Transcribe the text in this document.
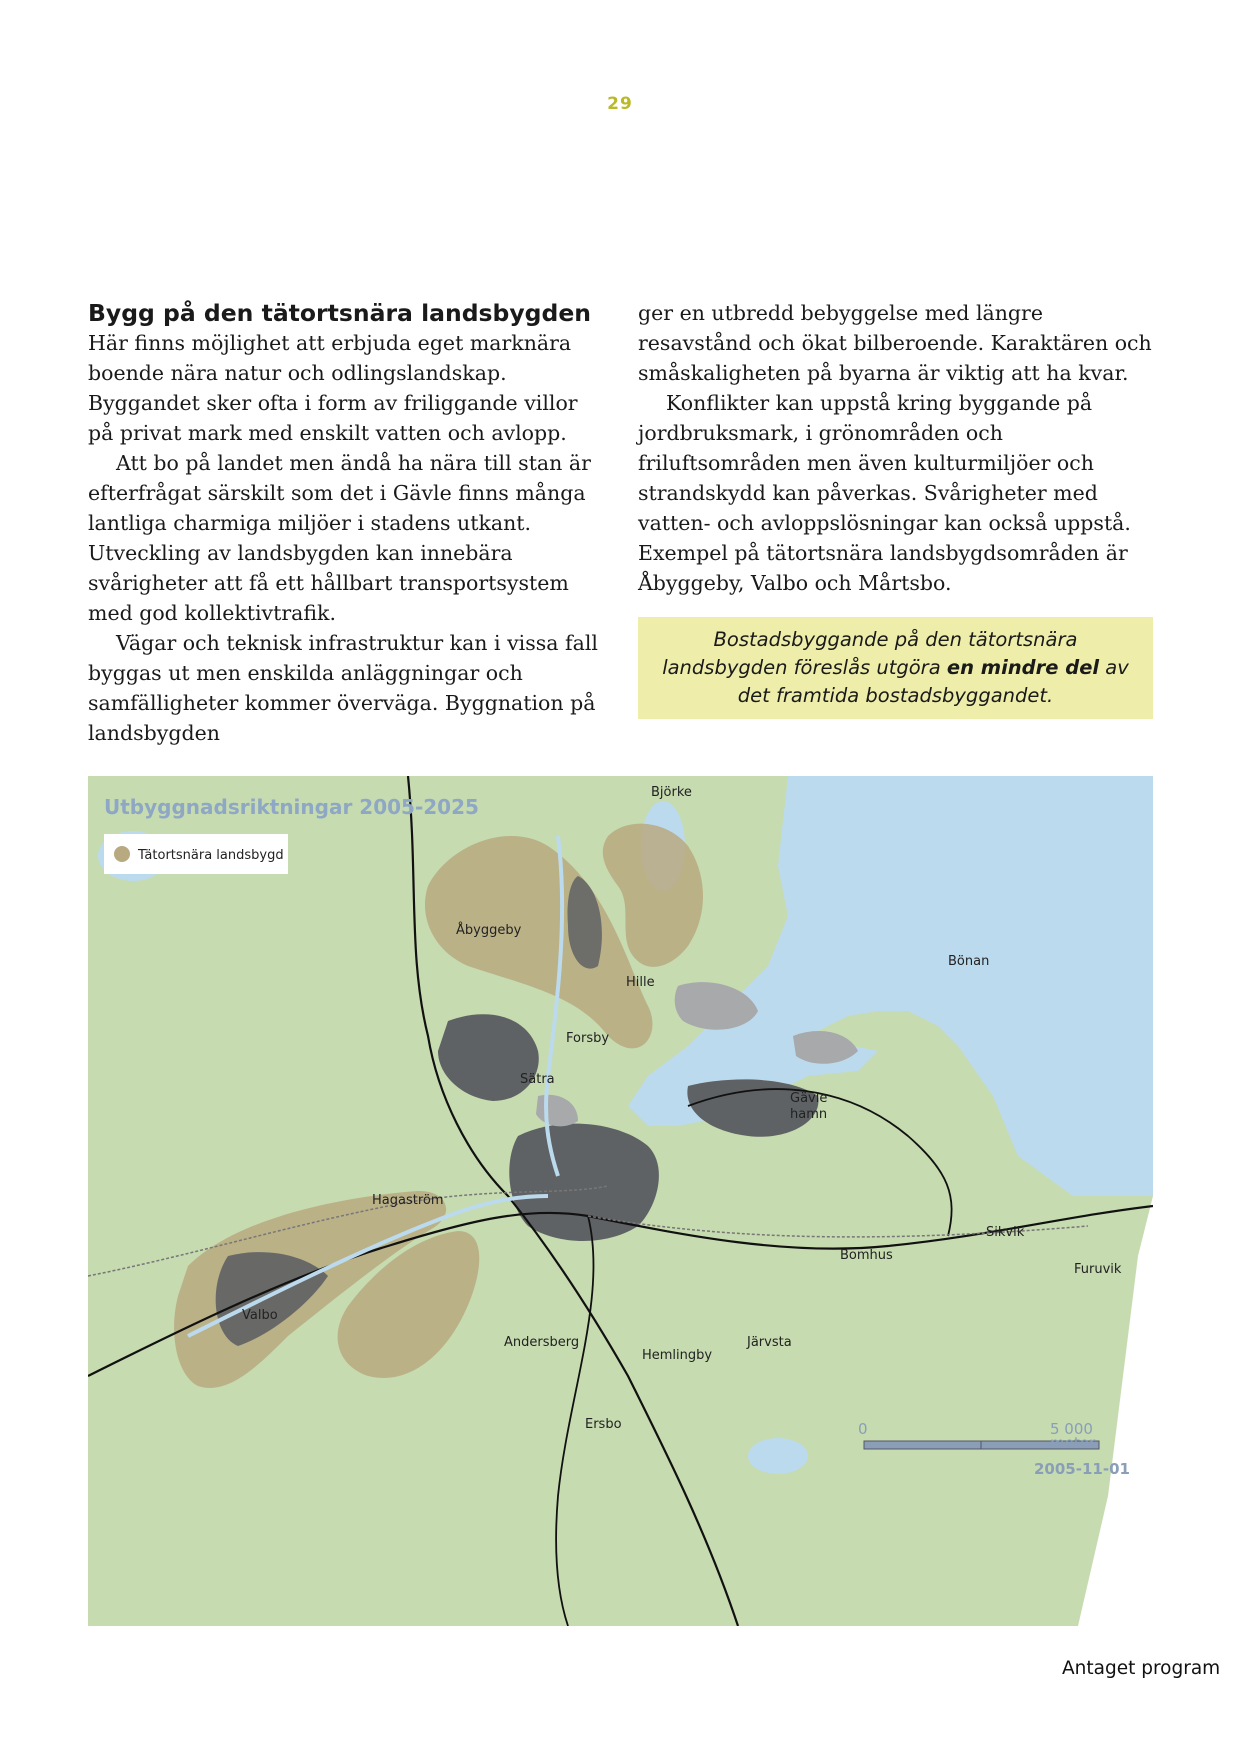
29

Bygg på den tätortsnära landsbygden

Här finns möjlighet att erbjuda eget marknära boende nära natur och odlingslandskap. Byggandet sker ofta i form av friliggande villor på privat mark med enskilt vatten och avlopp.

Att bo på landet men ändå ha nära till stan är efterfrågat särskilt som det i Gävle finns många lantliga charmiga miljöer i stadens utkant.

Utveckling av landsbygden kan innebära svårigheter att få ett hållbart transportsystem med god kollektivtrafik.

Vägar och teknisk infrastruktur kan i vissa fall byggas ut men enskilda anläggningar och samfälligheter kommer överväga. Byggnation på landsbygden

ger en utbredd bebyggelse med längre resavstånd och ökat bilberoende. Karaktären och småskaligheten på byarna är viktig att ha kvar.

Konflikter kan uppstå kring byggande på jordbruksmark, i grönområden och friluftsområden men även kulturmiljöer och strandskydd kan påverkas. Svårigheter med vatten- och avloppslösningar kan också uppstå. Exempel på tätortsnära landsbygdsområden är Åbyggeby, Valbo och Mårtsbo.

Bostadsbyggande på den tätortsnära landsbygden föreslås utgöra en mindre del av det framtida bostadsbyggandet.
Utbyggnadsriktningar 2005-2025
Tätortsnära landsbygd
Björke
Åbyggeby
Hille
Bönan
Forsby
Sätra
Gävle
hamn
Hagaström
Sikvik
Furuvik
Bomhus
Valbo
Andersberg	Järvsta
Hemlingby
Ersbo	0	5 000
meter
2005-11-01
Antaget program
